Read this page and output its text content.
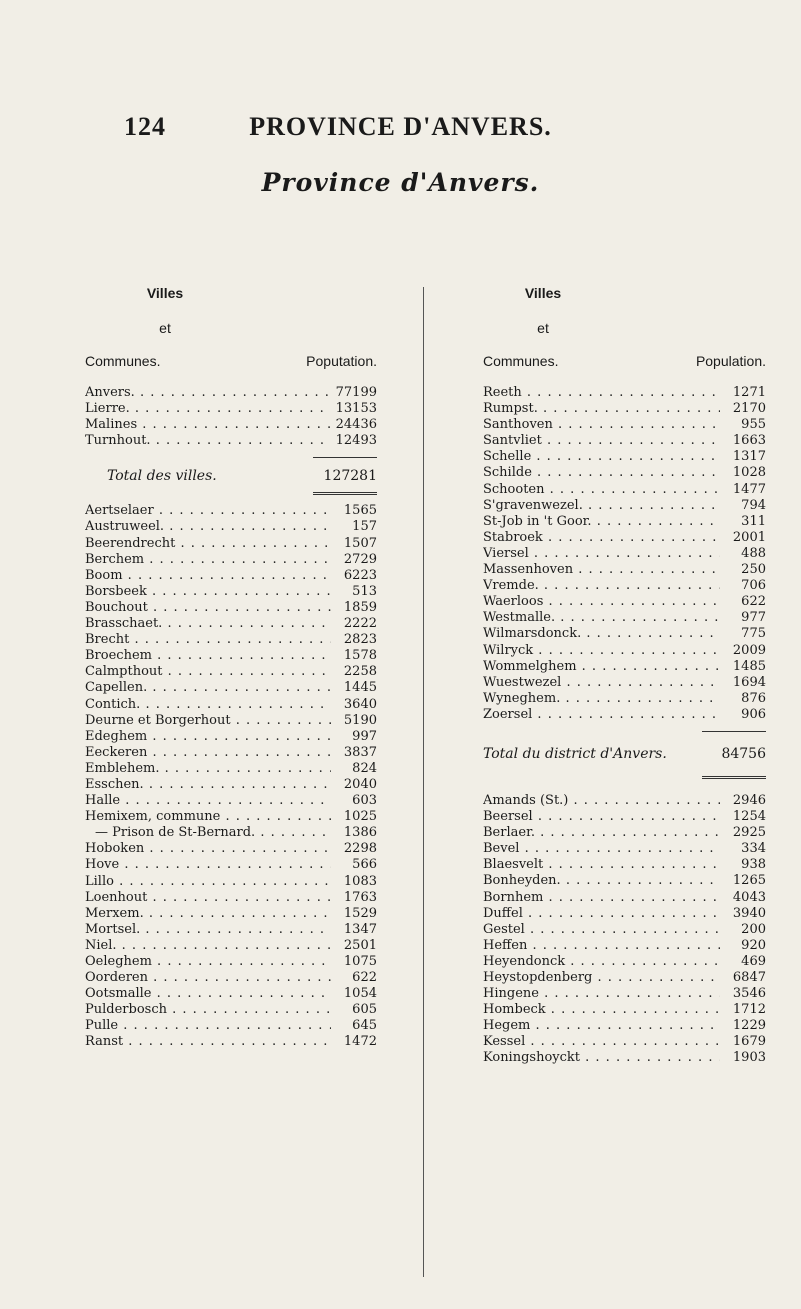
124	PROVINCE D'ANVERS.
Province d'Anvers.
Villes
et
Communes.	Poputation.
Anvers. . . .	77199
Lierre. . . .	13153
Malines . . .	24436
Turnhout. . . .	12493
Total des villes.	127281
Aertselaer . . .	1565
Austruweel. . . .	157
Beerendrecht . . .	1507
Berchem . . .	2729
Boom . . .	6223
Borsbeek . . .	513
Bouchout . . .	1859
Brasschaet. . . .	2222
Brecht . . .	2823
Broechem . . .	1578
Calmpthout . . .	2258
Capellen. . . .	1445
Contich. . . .	3640
Deurne et Borgerhout . . .	5190
Edeghem . . .	997
Eeckeren . . .	3837
Emblehem. . . .	824
Esschen. . . .	2040
Halle . . .	603
Hemixem, commune . . .	1025
— Prison de St-Bernard. . . .	1386
Hoboken . . .	2298
Hove . . .	566
Lillo . . .	1083
Loenhout . . .	1763
Merxem. . . .	1529
Mortsel. . . .	1347
Niel. . . .	2501
Oeleghem . . .	1075
Oorderen . . .	622
Ootsmalle . . .	1054
Pulderbosch . . .	605
Pulle . . .	645
Ranst . . .	1472
Villes
et
Communes.	Population.
Reeth . . .	1271
Rumpst. . . .	2170
Santhoven . . .	955
Santvliet . . .	1663
Schelle . . .	1317
Schilde . . .	1028
Schooten . . .	1477
S'gravenwezel. . . .	794
St-Job in 't Goor. . . .	311
Stabroek . . .	2001
Viersel . . .	488
Massenhoven . . .	250
Vremde. . . .	706
Waerloos . . .	622
Westmalle. . . .	977
Wilmarsdonck. . . .	775
Wilryck . . .	2009
Wommelghem . . .	1485
Wuestwezel . . .	1694
Wyneghem. . . .	876
Zoersel . . .	906
Total du district d'Anvers.	84756
Amands (St.) . . .	2946
Beersel . . .	1254
Berlaer. . . .	2925
Bevel . . .	334
Blaesvelt . . .	938
Bonheyden. . . .	1265
Bornhem . . .	4043
Duffel . . .	3940
Gestel . . .	200
Heffen . . .	920
Heyendonck . . .	469
Heystopdenberg . . .	6847
Hingene . . .	3546
Hombeck . . .	1712
Hegem . . .	1229
Kessel . . .	1679
Koningshoyckt . . .	1903
